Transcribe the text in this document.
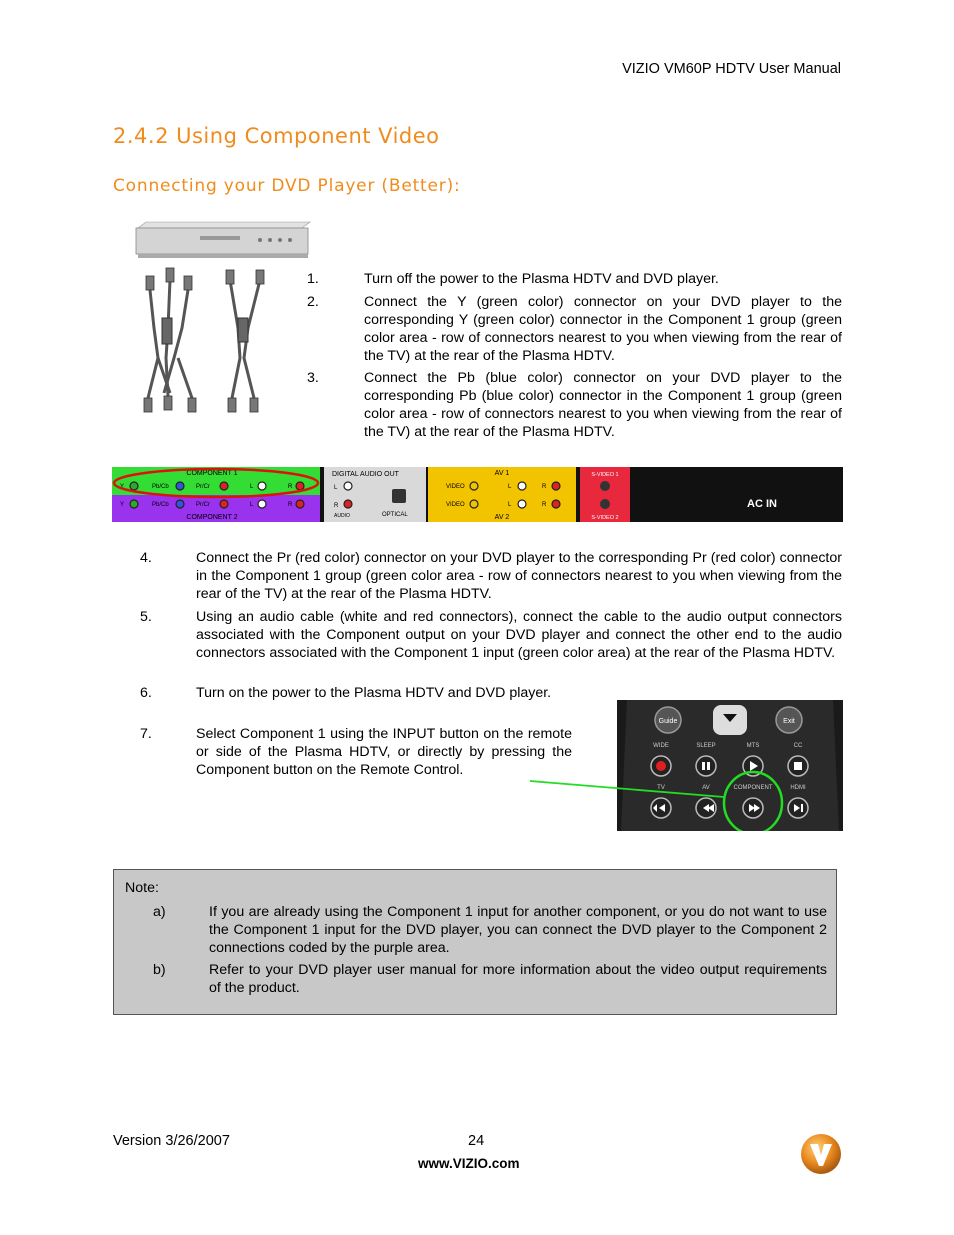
VIZIO VM60P HDTV User Manual
2.4.2 Using Component Video
Connecting your DVD Player (Better):
1.	Turn off the power to the Plasma HDTV and DVD player.
2.	Connect the Y (green color) connector on your DVD player to the corresponding Y (green color) connector in the Component 1 group (green color area - row of connectors nearest to you when viewing from the rear of the TV) at the rear of the Plasma HDTV.
3.	Connect the Pb (blue color) connector on your DVD player to the corresponding Pb (blue color) connector in the Component 1 group (green color area - row of connectors nearest to you when viewing from the rear of the TV) at the rear of the Plasma HDTV.
COMPONENT 1
COMPONENT 2
Y	Pb/Cb	Pr/Cr	L	R
Y	Pb/Cb	Pr/Cr	L	R
DIGITAL AUDIO OUT
L
R
AUDIO	OPTICAL
AV 1
AV 2
VIDEO
VIDEO
L	R
L	R
S-VIDEO 1
S-VIDEO 2
AC IN
4.	Connect the Pr (red color) connector on your DVD player to the corresponding Pr (red color) connector in the Component 1 group (green color area - row of connectors nearest to you when viewing from the rear of the TV) at the rear of the Plasma HDTV.
5.	Using an audio cable (white and red connectors), connect the cable to the audio output connectors associated with the Component output on your DVD player and connect the other end to the audio connectors associated with the Component 1 input (green color area) at the rear of the Plasma HDTV.
6.	Turn on the power to the Plasma HDTV and DVD player.
7.	Select Component 1 using the INPUT button on the remote or side of the Plasma HDTV, or directly by pressing the Component button on the Remote Control.
Guide	Exit
WIDE	SLEEP	MTS	CC
TV	AV	COMPONENT	HDMI
Note:
a)	If you are already using the Component 1 input for another component, or you do not want to use the Component 1 input for the DVD player, you can connect the DVD player to the Component 2 connections coded by the purple area.
b)	Refer to your DVD player user manual for more information about the video output requirements of the product.
Version 3/26/2007	24
www.VIZIO.com
